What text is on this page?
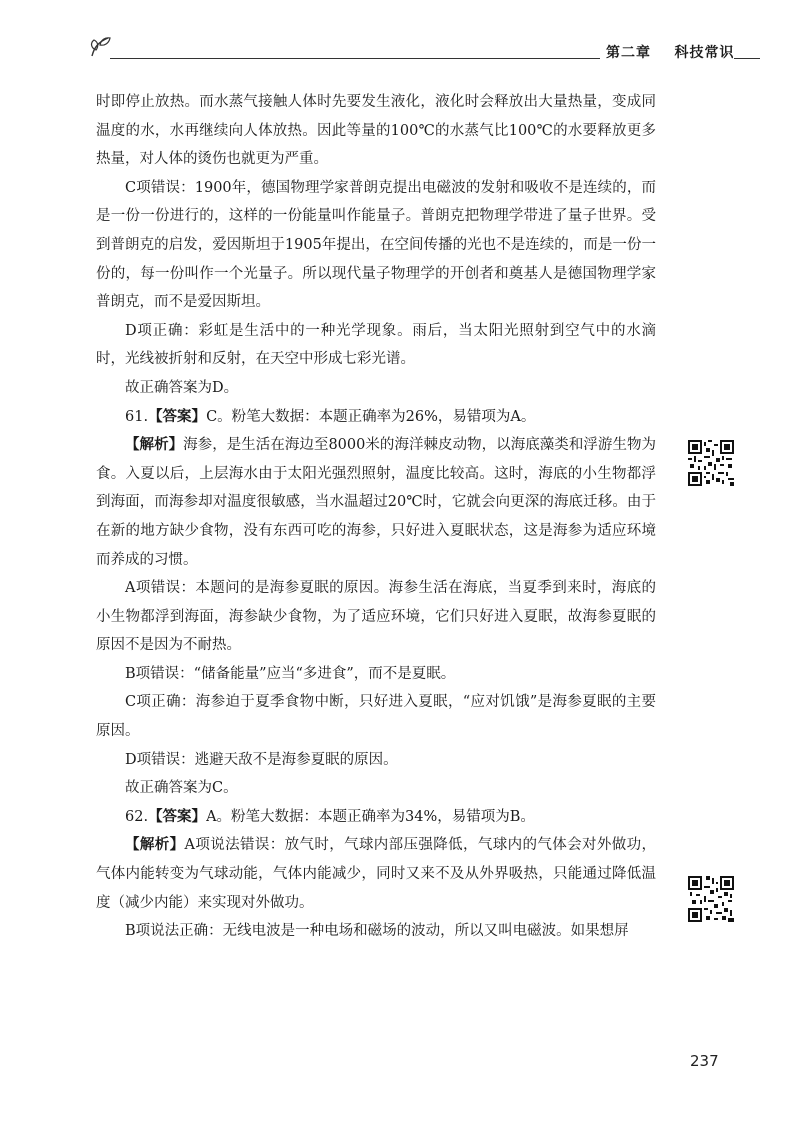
第二章 科技常识

时即停止放热。而水蒸气接触人体时先要发生液化，液化时会释放出大量热量，变成同温度的水，水再继续向人体放热。因此等量的100℃的水蒸气比100℃的水要释放更多热量，对人体的烫伤也就更为严重。

C项错误：1900年，德国物理学家普朗克提出电磁波的发射和吸收不是连续的，而是一份一份进行的，这样的一份能量叫作能量子。普朗克把物理学带进了量子世界。受到普朗克的启发，爱因斯坦于1905年提出，在空间传播的光也不是连续的，而是一份一份的，每一份叫作一个光量子。所以现代量子物理学的开创者和奠基人是德国物理学家普朗克，而不是爱因斯坦。

D项正确：彩虹是生活中的一种光学现象。雨后，当太阳光照射到空气中的水滴时，光线被折射和反射，在天空中形成七彩光谱。

故正确答案为D。

61.【答案】C。粉笔大数据：本题正确率为26%，易错项为A。

【解析】海参，是生活在海边至8000米的海洋棘皮动物，以海底藻类和浮游生物为食。入夏以后，上层海水由于太阳光强烈照射，温度比较高。这时，海底的小生物都浮到海面，而海参却对温度很敏感，当水温超过20℃时，它就会向更深的海底迁移。由于在新的地方缺少食物，没有东西可吃的海参，只好进入夏眠状态，这是海参为适应环境而养成的习惯。

A项错误：本题问的是海参夏眠的原因。海参生活在海底，当夏季到来时，海底的小生物都浮到海面，海参缺少食物，为了适应环境，它们只好进入夏眠，故海参夏眠的原因不是因为不耐热。

B项错误：“储备能量”应当“多进食”，而不是夏眠。

C项正确：海参迫于夏季食物中断，只好进入夏眠，“应对饥饿”是海参夏眠的主要原因。

D项错误：逃避天敌不是海参夏眠的原因。

故正确答案为C。

62.【答案】A。粉笔大数据：本题正确率为34%，易错项为B。

【解析】A项说法错误：放气时，气球内部压强降低，气球内的气体会对外做功，气体内能转变为气球动能，气体内能减少，同时又来不及从外界吸热，只能通过降低温度（减少内能）来实现对外做功。

B项说法正确：无线电波是一种电场和磁场的波动，所以又叫电磁波。如果想屏

237
